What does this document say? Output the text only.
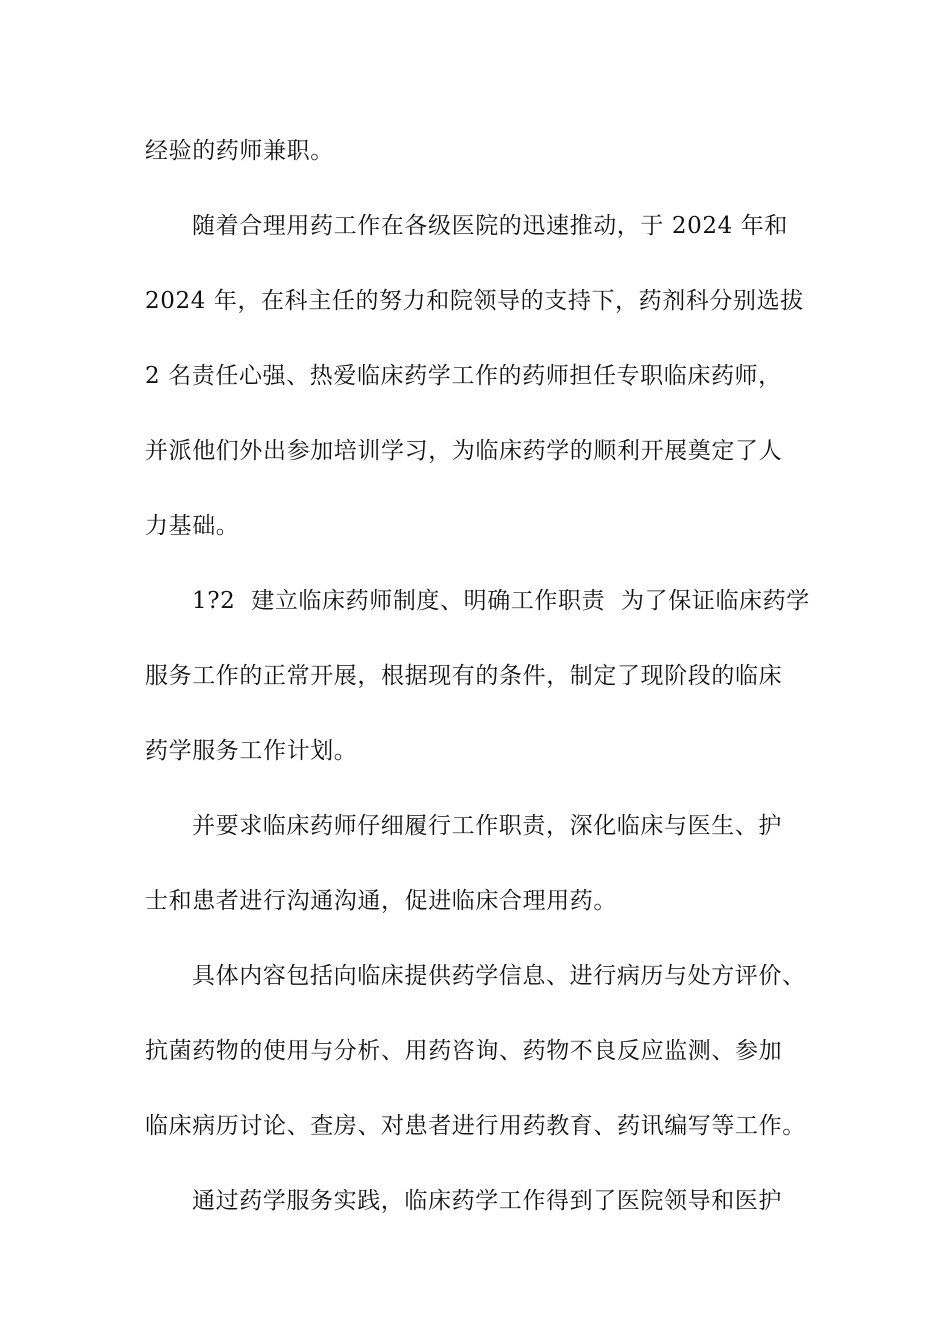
经验的药师兼职。

随着合理用药工作在各级医院的迅速推动，于 2024 年和

2024 年，在科主任的努力和院领导的支持下，药剂科分别选拔

2 名责任心强、热爱临床药学工作的药师担任专职临床药师，

并派他们外出参加培训学习，为临床药学的顺利开展奠定了人

力基础。

1?2  建立临床药师制度、明确工作职责  为了保证临床药学

服务工作的正常开展，根据现有的条件，制定了现阶段的临床

药学服务工作计划。

并要求临床药师仔细履行工作职责，深化临床与医生、护

士和患者进行沟通沟通，促进临床合理用药。

具体内容包括向临床提供药学信息、进行病历与处方评价、

抗菌药物的使用与分析、用药咨询、药物不良反应监测、参加

临床病历讨论、查房、对患者进行用药教育、药讯编写等工作。

通过药学服务实践，临床药学工作得到了医院领导和医护
